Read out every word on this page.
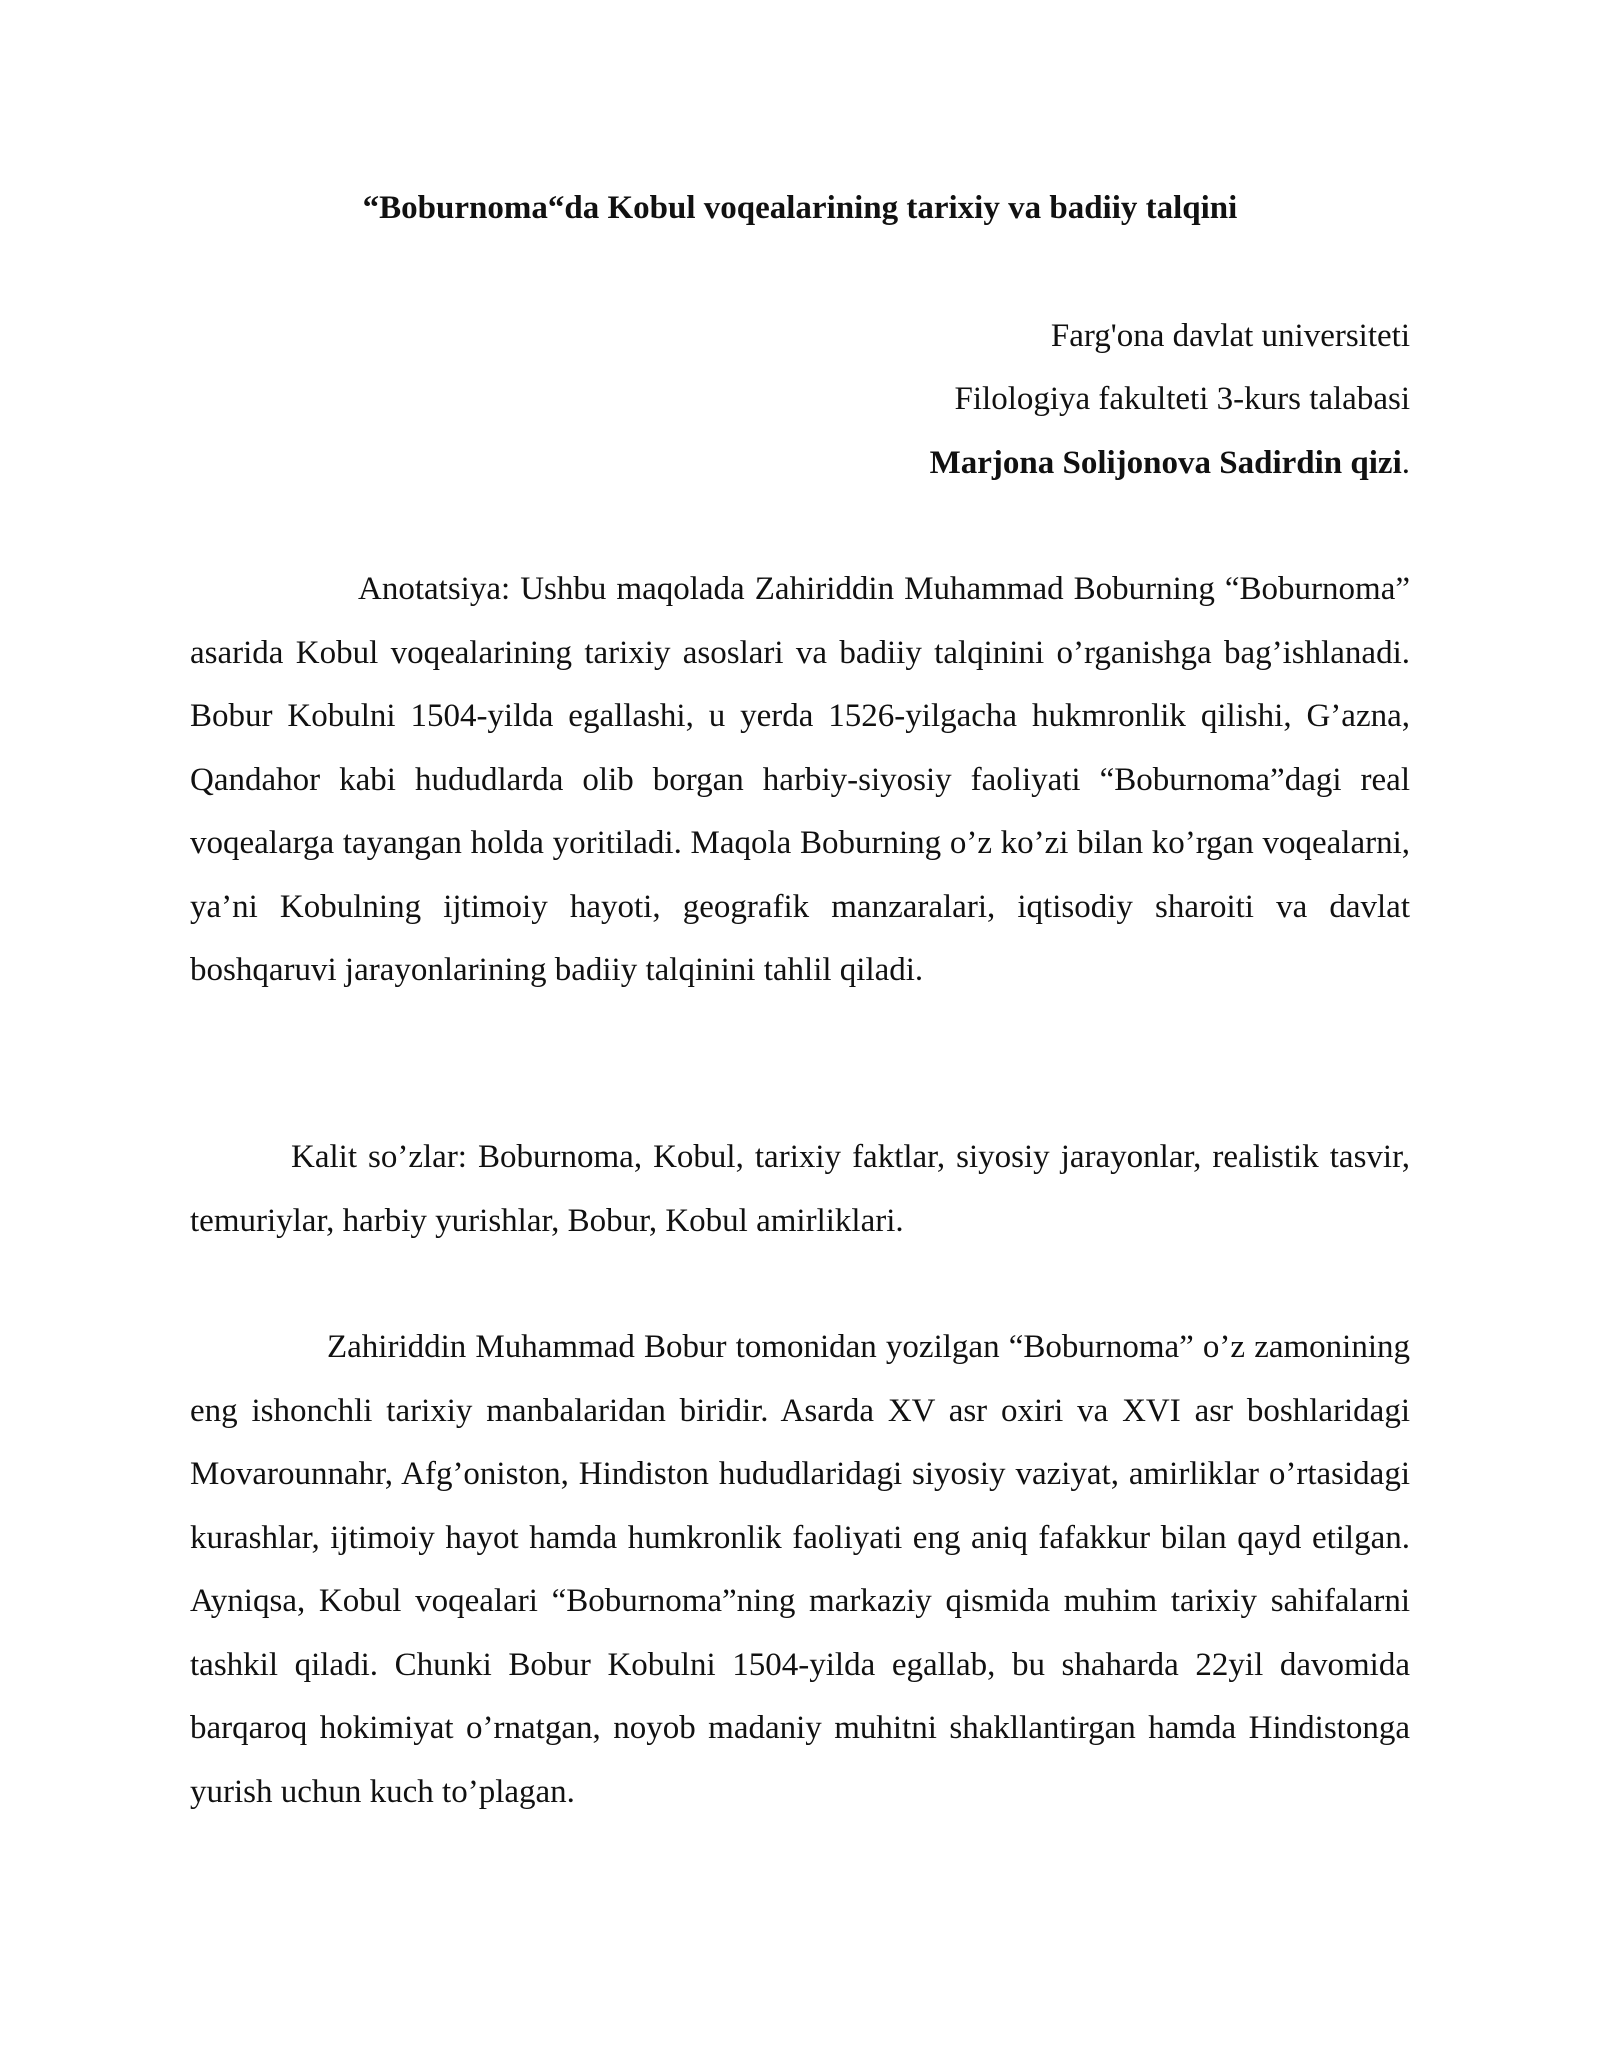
“Boburnoma“da Kobul voqealarining tarixiy va badiiy talqini
Farg'ona davlat universiteti
Filologiya fakulteti 3-kurs talabasi
Marjona Solijonova Sadirdin qizi.

Anotatsiya: Ushbu maqolada Zahiriddin Muhammad Boburning “Boburnoma” asarida Kobul voqealarining tarixiy asoslari va badiiy talqinini o’rganishga bag’ishlanadi. Bobur Kobulni 1504-yilda egallashi, u yerda 1526-yilgacha hukmronlik qilishi, G’azna, Qandahor kabi hududlarda olib borgan harbiy-siyosiy faoliyati “Boburnoma”dagi real voqealarga tayangan holda yoritiladi. Maqola Boburning o’z ko’zi bilan ko’rgan voqealarni, ya’ni Kobulning ijtimoiy hayoti, geografik manzaralari, iqtisodiy sharoiti va davlat boshqaruvi jarayonlarining badiiy talqinini tahlil qiladi.

Kalit so’zlar: Boburnoma, Kobul, tarixiy faktlar, siyosiy jarayonlar, realistik tasvir, temuriylar, harbiy yurishlar, Bobur, Kobul amirliklari.

Zahiriddin Muhammad Bobur tomonidan yozilgan “Boburnoma” o’z zamonining eng ishonchli tarixiy manbalaridan biridir. Asarda XV asr oxiri va XVI asr boshlaridagi Movarounnahr, Afg’oniston, Hindiston hududlaridagi siyosiy vaziyat, amirliklar o’rtasidagi kurashlar, ijtimoiy hayot hamda humkronlik faoliyati eng aniq fafakkur bilan qayd etilgan. Ayniqsa, Kobul voqealari “Boburnoma”ning markaziy qismida muhim tarixiy sahifalarni tashkil qiladi. Chunki Bobur Kobulni 1504-yilda egallab, bu shaharda 22yil davomida barqaroq hokimiyat o’rnatgan, noyob madaniy muhitni shakllantirgan hamda Hindistonga yurish uchun kuch to’plagan.
